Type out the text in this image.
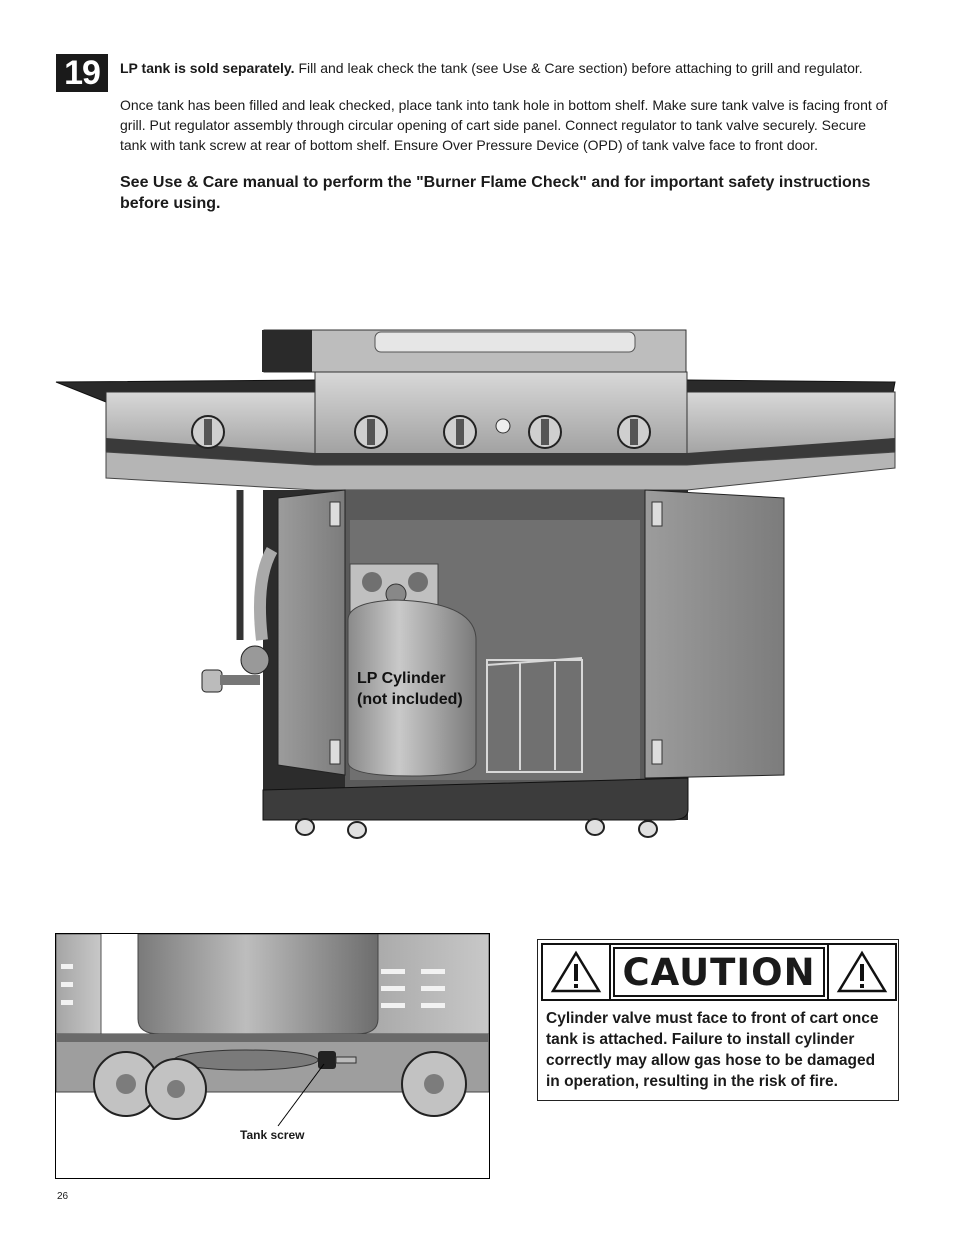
19	LP tank is sold separately. Fill and leak check the tank (see Use & Care section) before attaching to grill and regulator.

Once tank has been filled and leak checked, place tank into tank hole in bottom shelf. Make sure tank valve is facing front of grill. Put regulator assembly through circular opening of cart side panel. Connect regulator to tank valve securely. Secure tank with tank screw at rear of bottom shelf. Ensure Over Pressure Device (OPD) of tank valve face to front door.

See Use & Care manual to perform the "Burner Flame Check" and for important safety instructions before using.

LP Cylinder
(not included)
Tank screw
CAUTION
Cylinder valve must face to front of cart once tank is attached. Failure to install cylinder correctly may allow gas hose to be damaged in operation, resulting in the risk of fire.
26
